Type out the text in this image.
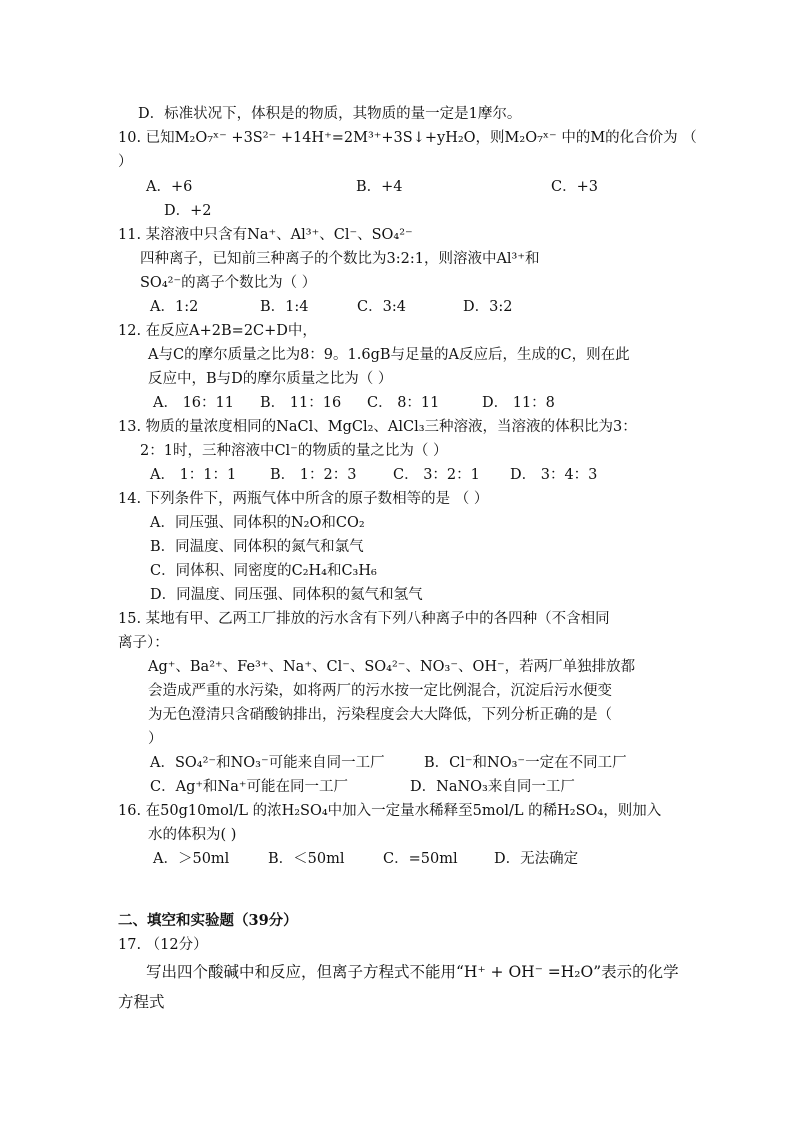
D．标准状况下，体积是的物质，其物质的量一定是1摩尔。
10. 已知M₂O₇ˣ⁻ +3S²⁻ +14H⁺=2M³⁺+3S↓+yH₂O，则M₂O₇ˣ⁻ 中的M的化合价为 （
）
A．+6	B．+4	C．+3
D．+2
11. 某溶液中只含有Na⁺、Al³⁺、Cl⁻、SO₄²⁻
四种离子，已知前三种离子的个数比为3:2:1，则溶液中Al³⁺和
SO₄²⁻的离子个数比为（ ）
A．1:2	B．1:4	C．3:4	D．3:2
12. 在反应A+2B=2C+D中，
A与C的摩尔质量之比为8：9。1.6gB与足量的A反应后，生成的C，则在此
反应中，B与D的摩尔质量之比为（ ）
A． 16：11 B． 11：16 C． 8：11	D． 11：8
13. 物质的量浓度相同的NaCl、MgCl₂、AlCl₃三种溶液，当溶液的体积比为3：
2：1时，三种溶液中Cl⁻的物质的量之比为（ ）
A． 1：1：1 B． 1：2：3	C． 3：2：1 D． 3：4：3
14. 下列条件下，两瓶气体中所含的原子数相等的是 （ ）
A．同压强、同体积的N₂O和CO₂
B．同温度、同体积的氮气和氯气
C．同体积、同密度的C₂H₄和C₃H₆
D．同温度、同压强、同体积的氦气和氢气
15. 某地有甲、乙两工厂排放的污水含有下列八种离子中的各四种（不含相同
离子）：
Ag⁺、Ba²⁺、Fe³⁺、Na⁺、Cl⁻、SO₄²⁻、NO₃⁻、OH⁻，若两厂单独排放都
会造成严重的水污染，如将两厂的污水按一定比例混合，沉淀后污水便变
为无色澄清只含硝酸钠排出，污染程度会大大降低，下列分析正确的是（
）
A．SO₄²⁻和NO₃⁻可能来自同一工厂	B．Cl⁻和NO₃⁻一定在不同工厂
C．Ag⁺和Na⁺可能在同一工厂	D．NaNO₃来自同一工厂
16. 在50g10mol/L 的浓H₂SO₄中加入一定量水稀释至5mol/L 的稀H₂SO₄，则加入
水的体积为( )
A．＞50ml	B．＜50ml	C．=50ml	D．无法确定
二、填空和实验题（39分）
17. （12分）
写出四个酸碱中和反应，但离子方程式不能用“H⁺ + OH⁻ =H₂O”表示的化学
方程式
